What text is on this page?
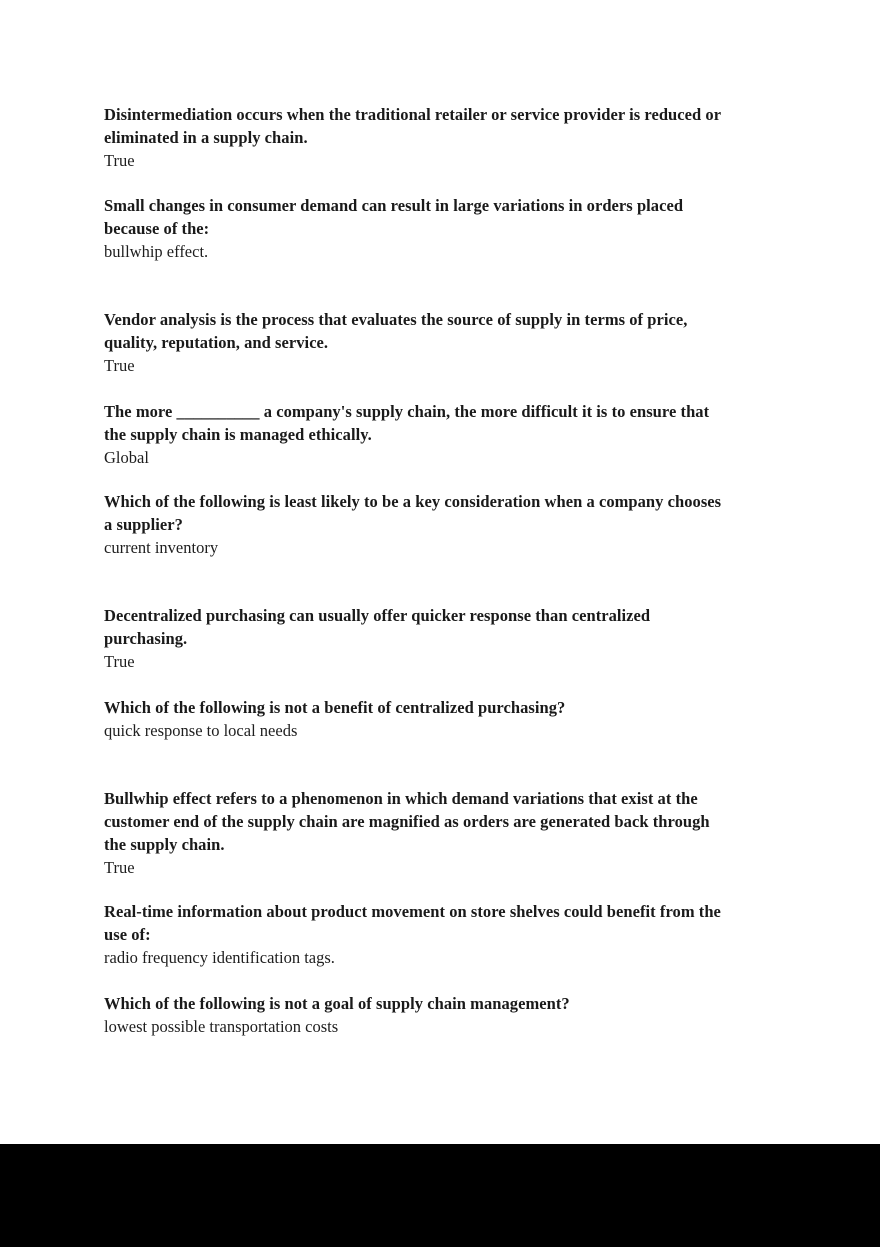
Disintermediation occurs when the traditional retailer or service provider is reduced or
eliminated in a supply chain.
True
Small changes in consumer demand can result in large variations in orders placed
because of the:
bullwhip effect.
Vendor analysis is the process that evaluates the source of supply in terms of price,
quality, reputation, and service.
True
The more __________ a company's supply chain, the more difficult it is to ensure that
the supply chain is managed ethically.
Global
Which of the following is least likely to be a key consideration when a company chooses
a supplier?
current inventory
Decentralized purchasing can usually offer quicker response than centralized
purchasing.
True
Which of the following is not a benefit of centralized purchasing?
quick response to local needs
Bullwhip effect refers to a phenomenon in which demand variations that exist at the
customer end of the supply chain are magnified as orders are generated back through
the supply chain.
True
Real-time information about product movement on store shelves could benefit from the
use of:
radio frequency identification tags.
Which of the following is not a goal of supply chain management?
lowest possible transportation costs
